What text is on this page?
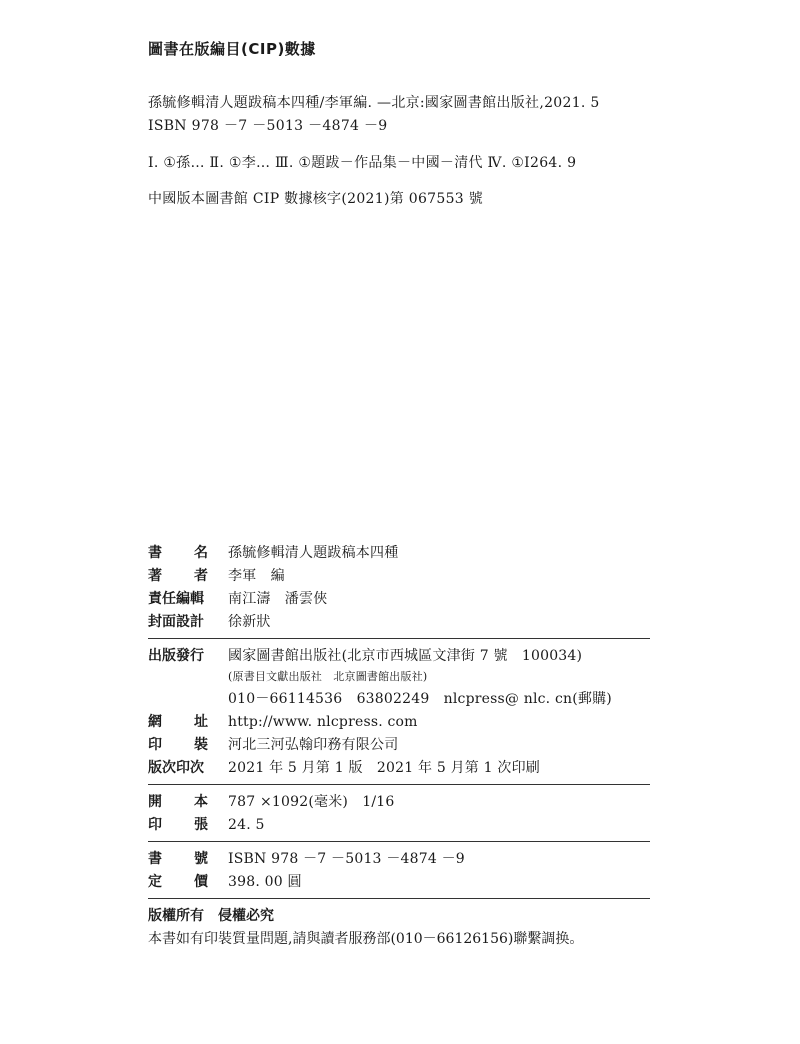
圖書在版編目(CIP)數據
孫毓修輯清人題跋稿本四種/李軍編. —北京:國家圖書館出版社,2021. 5
ISBN 978 －7 －5013 －4874 －9
Ⅰ. ①孫… Ⅱ. ①李… Ⅲ. ①題跋－作品集－中國－清代 Ⅳ. ①I264. 9
中國版本圖書館 CIP 數據核字(2021)第 067553 號
書 名 孫毓修輯清人題跋稿本四種
著 者 李軍　編
責任編輯	南江濤　潘雲俠
封面設計	徐新狀
出版發行	國家圖書館出版社(北京市西城區文津街 7 號　100034)
(原書目文獻出版社　北京圖書館出版社)
010－66114536　63802249　nlcpress@ nlc. cn(郵購)
網 址 http://www. nlcpress. com
印 裝 河北三河弘翰印務有限公司
版次印次	2021 年 5 月第 1 版　2021 年 5 月第 1 次印刷
開 本 787 ×1092(毫米)　1/16
印 張 24. 5
書 號 ISBN 978 －7 －5013 －4874 －9
定 價 398. 00 圓
版權所有　侵權必究
本書如有印裝質量問題,請與讀者服務部(010－66126156)聯繫調换。
